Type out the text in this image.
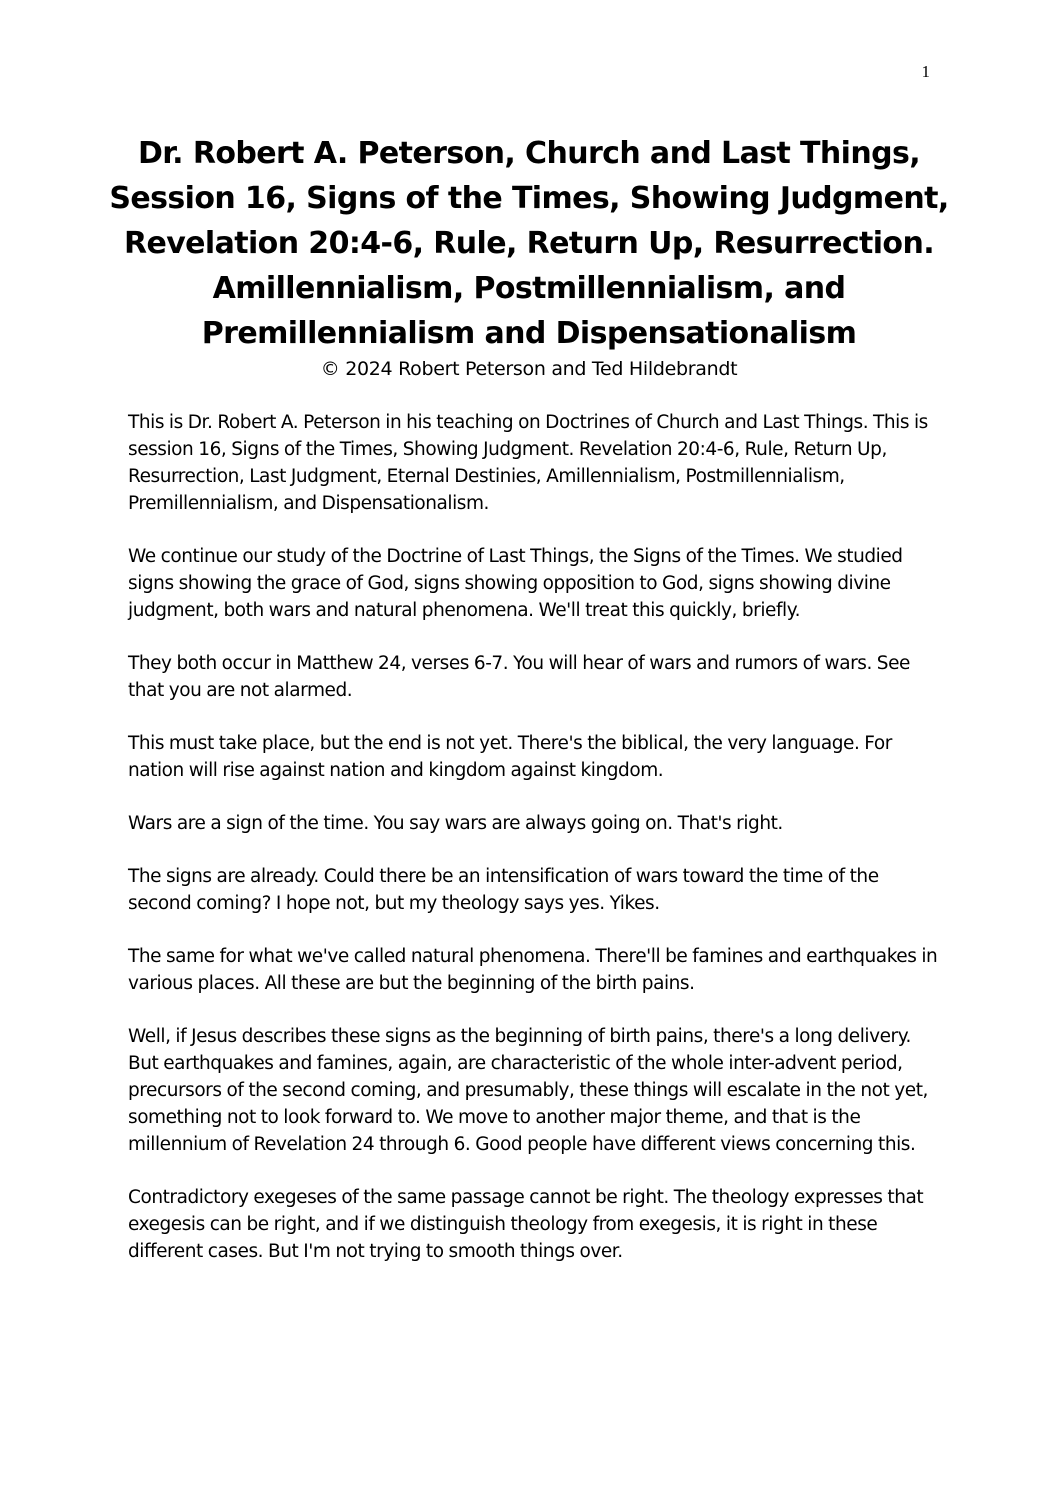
1
Dr. Robert A. Peterson, Church and Last Things, Session 16, Signs of the Times, Showing Judgment, Revelation 20:4-6, Rule, Return Up, Resurrection. Amillennialism, Postmillennialism, and Premillennialism and Dispensationalism

© 2024 Robert Peterson and Ted Hildebrandt

This is Dr. Robert A. Peterson in his teaching on Doctrines of Church and Last Things. This is session 16, Signs of the Times, Showing Judgment. Revelation 20:4-6, Rule, Return Up, Resurrection, Last Judgment, Eternal Destinies, Amillennialism, Postmillennialism, Premillennialism, and Dispensationalism.

We continue our study of the Doctrine of Last Things, the Signs of the Times. We studied signs showing the grace of God, signs showing opposition to God, signs showing divine judgment, both wars and natural phenomena. We'll treat this quickly, briefly.

They both occur in Matthew 24, verses 6-7. You will hear of wars and rumors of wars. See that you are not alarmed.

This must take place, but the end is not yet. There's the biblical, the very language. For nation will rise against nation and kingdom against kingdom.

Wars are a sign of the time. You say wars are always going on. That's right.

The signs are already. Could there be an intensification of wars toward the time of the second coming? I hope not, but my theology says yes. Yikes.

The same for what we've called natural phenomena. There'll be famines and earthquakes in various places. All these are but the beginning of the birth pains.

Well, if Jesus describes these signs as the beginning of birth pains, there's a long delivery. But earthquakes and famines, again, are characteristic of the whole inter-advent period, precursors of the second coming, and presumably, these things will escalate in the not yet, something not to look forward to. We move to another major theme, and that is the millennium of Revelation 24 through 6. Good people have different views concerning this.

Contradictory exegeses of the same passage cannot be right. The theology expresses that exegesis can be right, and if we distinguish theology from exegesis, it is right in these different cases. But I'm not trying to smooth things over.
